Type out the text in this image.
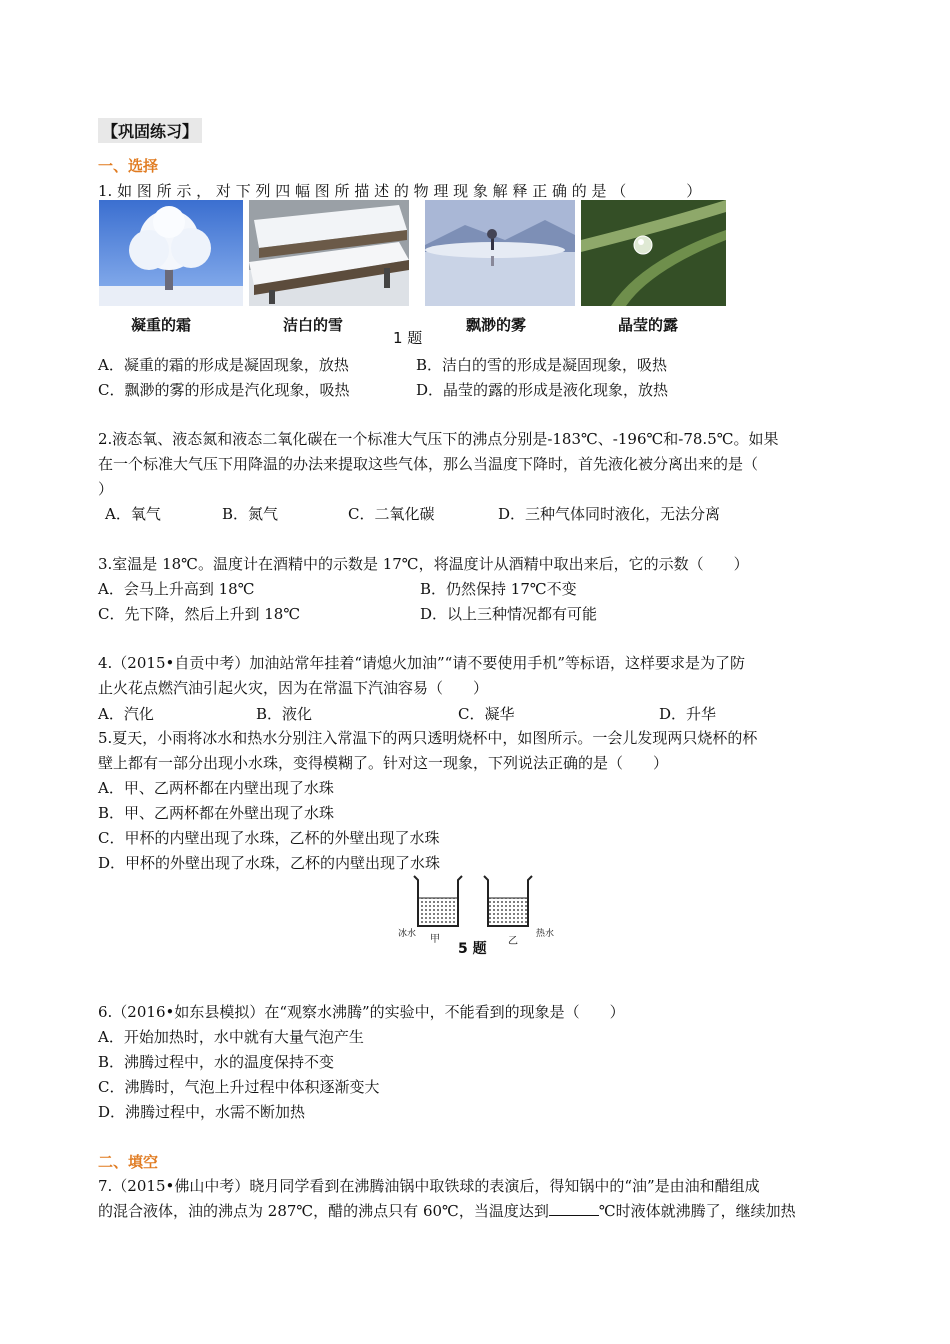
【巩固练习】
一、选择
1. 如 图 所 示 ， 对 下 列 四 幅 图 所 描 述 的 物 理 现 象 解 释 正 确 的 是 （　　　　）
凝重的霜	洁白的雪
1 题
飘渺的雾	晶莹的露
A．凝重的霜的形成是凝固现象，放热	B．洁白的雪的形成是凝固现象，吸热
C．飘渺的雾的形成是汽化现象，吸热	D．晶莹的露的形成是液化现象，放热
2.液态氧、液态氮和液态二氧化碳在一个标准大气压下的沸点分别是-183℃、-196℃和-78.5℃。如果
在一个标准大气压下用降温的办法来提取这些气体，那么当温度下降时，首先液化被分离出来的是（
）
A．氧气	B．氮气	C．二氧化碳	D．三种气体同时液化，无法分离
3.室温是 18℃。温度计在酒精中的示数是 17℃，将温度计从酒精中取出来后，它的示数（　　）
A．会马上升高到 18℃	B．仍然保持 17℃不变
C．先下降，然后上升到 18℃	D．以上三种情况都有可能
4.（2015•自贡中考）加油站常年挂着“请熄火加油”“请不要使用手机”等标语，这样要求是为了防
止火花点燃汽油引起火灾，因为在常温下汽油容易（　　）
A．汽化	B．液化	C．凝华	D．升华
5.夏天，小雨将冰水和热水分别注入常温下的两只透明烧杯中，如图所示。一会儿发现两只烧杯的杯
壁上都有一部分出现小水珠，变得模糊了。针对这一现象，下列说法正确的是（　　）
A．甲、乙两杯都在内壁出现了水珠
B．甲、乙两杯都在外壁出现了水珠
C．甲杯的内壁出现了水珠，乙杯的外壁出现了水珠
D．甲杯的外壁出现了水珠，乙杯的内壁出现了水珠
冰水 甲	乙
热水
5 题
6.（2016•如东县模拟）在“观察水沸腾”的实验中，不能看到的现象是（　　）
A．开始加热时，水中就有大量气泡产生
B．沸腾过程中，水的温度保持不变
C．沸腾时，气泡上升过程中体积逐渐变大
D．沸腾过程中，水需不断加热
二、填空
7.（2015•佛山中考）晓月同学看到在沸腾油锅中取铁球的表演后，得知锅中的“油”是由油和醋组成
的混合液体，油的沸点为 287℃，醋的沸点只有 60℃，当温度达到	℃时液体就沸腾了，继续加热
